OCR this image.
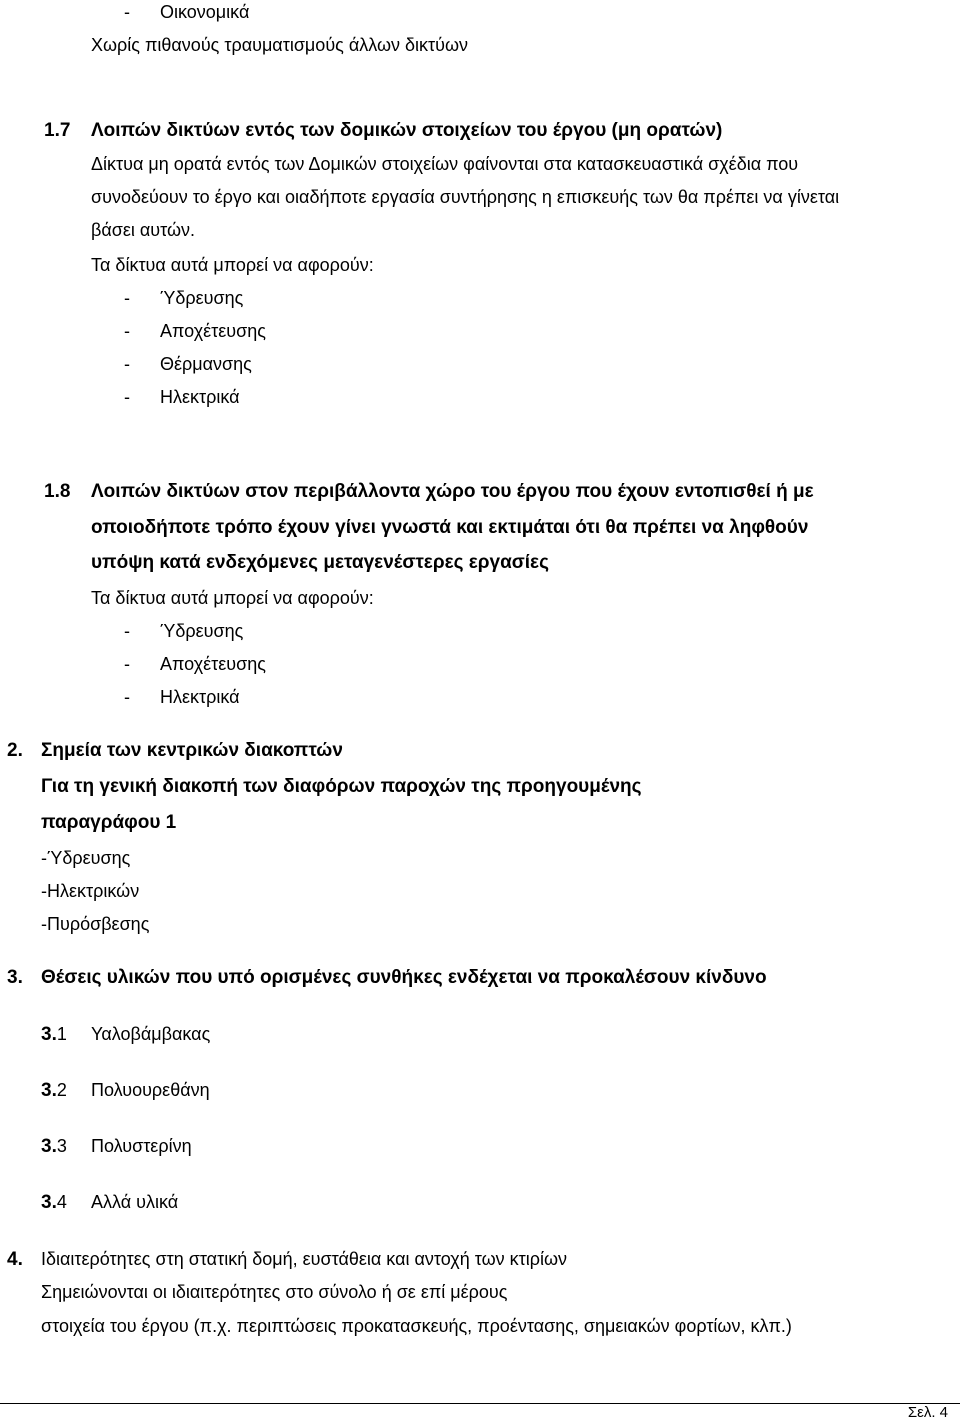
- Οικονομικά
Χωρίς πιθανούς τραυματισμούς άλλων δικτύων
1.7 Λοιπών δικτύων εντός των δομικών στοιχείων του έργου (μη ορατών)
Δίκτυα μη ορατά εντός των Δομικών στοιχείων φαίνονται στα κατασκευαστικά σχέδια που
συνοδεύουν το έργο και οιαδήποτε εργασία συντήρησης η επισκευής των θα πρέπει να γίνεται
βάσει αυτών.
Τα δίκτυα αυτά μπορεί να αφορούν:
- Ύδρευσης
- Αποχέτευσης
- Θέρμανσης
- Ηλεκτρικά
1.8 Λοιπών δικτύων στον περιβάλλοντα χώρο του έργου που έχουν εντοπισθεί ή με
οποιοδήποτε τρόπο έχουν γίνει γνωστά και εκτιμάται ότι θα πρέπει να ληφθούν
υπόψη κατά ενδεχόμενες μεταγενέστερες εργασίες
Τα δίκτυα αυτά μπορεί να αφορούν:
- Ύδρευσης
- Αποχέτευσης
- Ηλεκτρικά
2. Σημεία των κεντρικών διακοπτών
Για τη γενική διακοπή των διαφόρων παροχών της προηγουμένης
παραγράφου 1
-Ύδρευσης
-Ηλεκτρικών
-Πυρόσβεσης
3. Θέσεις υλικών που υπό ορισμένες συνθήκες ενδέχεται να προκαλέσουν κίνδυνο
3.1 Υαλοβάμβακας
3.2 Πολυουρεθάνη
3.3 Πολυστερίνη
3.4 Αλλά υλικά
4. Ιδιαιτερότητες στη στατική δομή, ευστάθεια και αντοχή των κτιρίων
Σημειώνονται οι ιδιαιτερότητες στο σύνολο ή σε επί μέρους
στοιχεία του έργου (π.χ. περιπτώσεις προκατασκευής, προέντασης, σημειακών φορτίων, κλπ.)
Σελ. 4
